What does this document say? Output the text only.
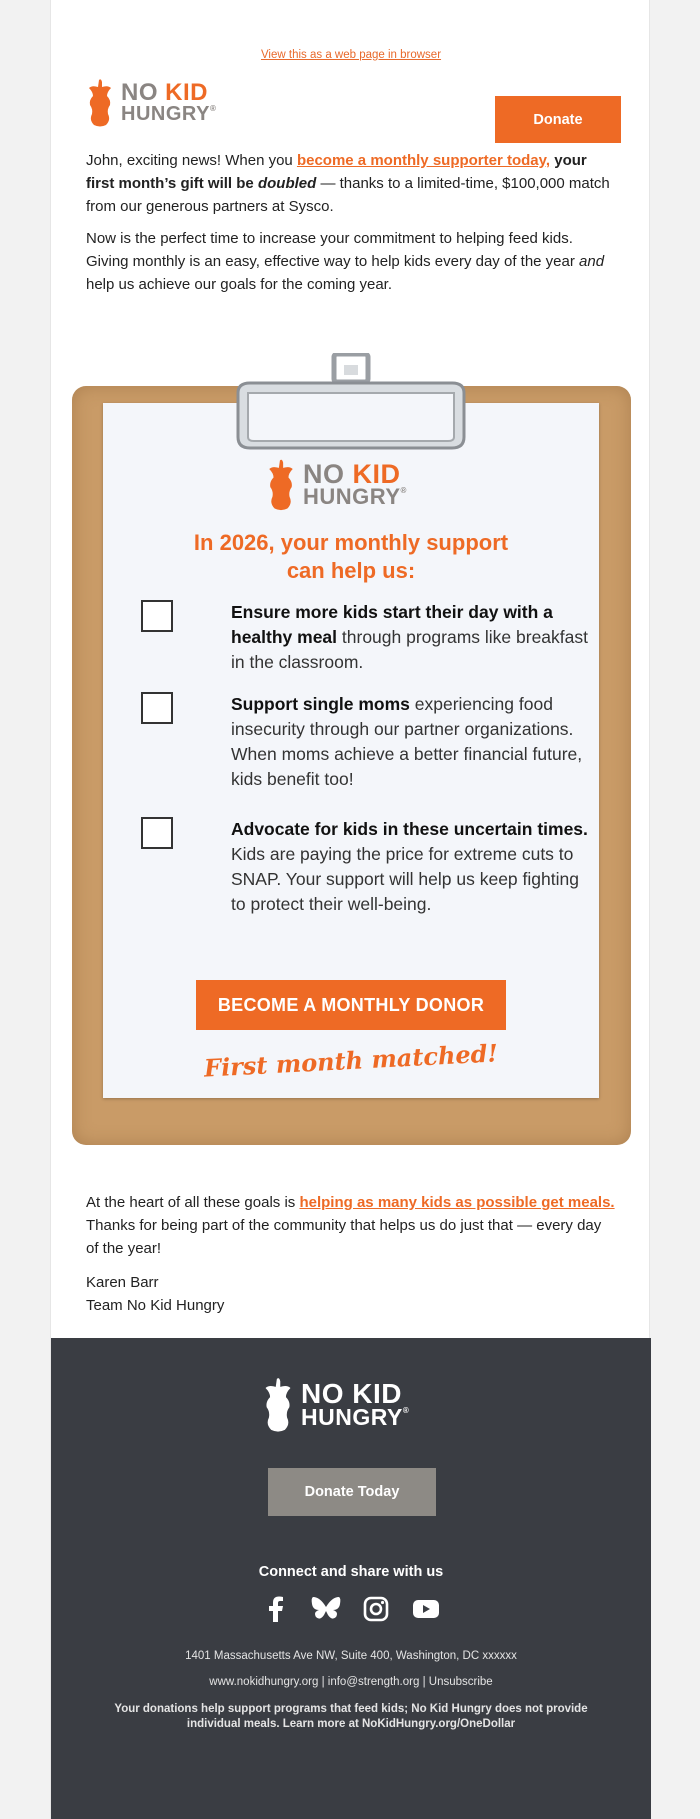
View this as a web page in browser
NO KID
HUNGRY®
Donate

John, exciting news! When you become a monthly supporter today, your first month’s gift will be doubled — thanks to a limited-time, $100,000 match from our generous partners at Sysco.

Now is the perfect time to increase your commitment to helping feed kids. Giving monthly is an easy, effective way to help kids every day of the year and help us achieve our goals for the coming year.

NO KID
HUNGRY®
In 2026, your monthly support
can help us:
Ensure more kids start their day with a healthy meal through programs like breakfast in the classroom.
Support single moms experiencing food insecurity through our partner organizations. When moms achieve a better financial future, kids benefit too!
Advocate for kids in these uncertain times. Kids are paying the price for extreme cuts to SNAP. Your support will help us keep fighting to protect their well-being.
BECOME A MONTHLY DONOR
First month matched!

At the heart of all these goals is helping as many kids as possible get meals. Thanks for being part of the community that helps us do just that — every day of the year!

Karen Barr
Team No Kid Hungry

NO KID
HUNGRY®
Donate Today
Connect and share with us
1401 Massachusetts Ave NW, Suite 400, Washington, DC xxxxxx
www.nokidhungry.org | info@strength.org | Unsubscribe
Your donations help support programs that feed kids; No Kid Hungry does not provide individual meals. Learn more at NoKidHungry.org/OneDollar
